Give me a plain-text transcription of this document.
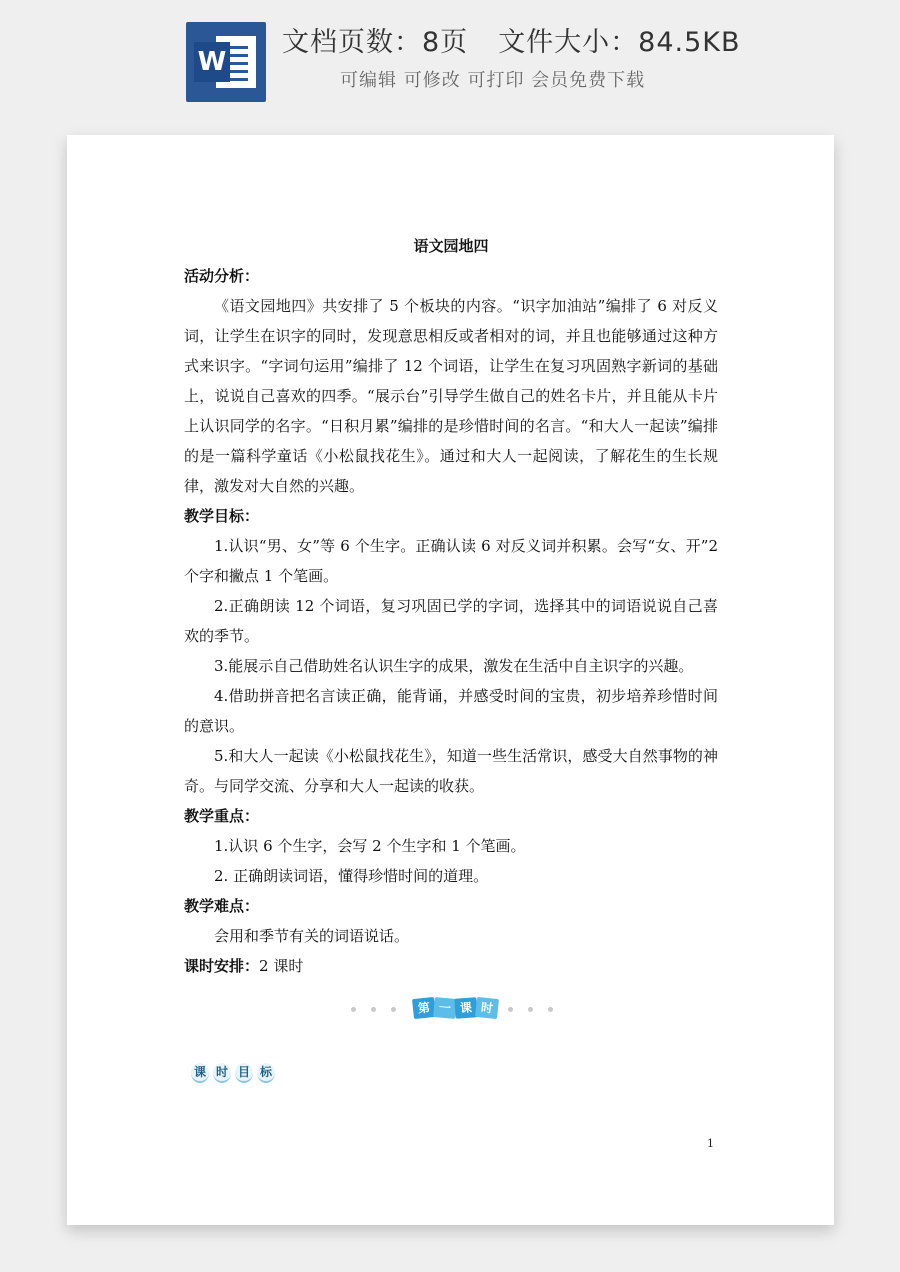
W
文档页数：8页 文件大小：84.5KB
可编辑 可修改 可打印 会员免费下载
语文园地四
活动分析：
《语文园地四》共安排了 5 个板块的内容。“识字加油站”编排了 6 对反义词，让学生在识字的同时，发现意思相反或者相对的词，并且也能够通过这种方式来识字。“字词句运用”编排了 12 个词语，让学生在复习巩固熟字新词的基础上，说说自己喜欢的四季。“展示台”引导学生做自己的姓名卡片，并且能从卡片上认识同学的名字。“日积月累”编排的是珍惜时间的名言。“和大人一起读”编排的是一篇科学童话《小松鼠找花生》。通过和大人一起阅读，了解花生的生长规律，激发对大自然的兴趣。
教学目标：
1.认识“男、女”等 6 个生字。正确认读 6 对反义词并积累。会写“女、开”2 个字和撇点 1 个笔画。
2.正确朗读 12 个词语，复习巩固已学的字词，选择其中的词语说说自己喜欢的季节。
3.能展示自己借助姓名认识生字的成果，激发在生活中自主识字的兴趣。
4.借助拼音把名言读正确，能背诵，并感受时间的宝贵，初步培养珍惜时间的意识。
5.和大人一起读《小松鼠找花生》，知道一些生活常识，感受大自然事物的神奇。与同学交流、分享和大人一起读的收获。
教学重点：
1.认识 6 个生字，会写 2 个生字和 1 个笔画。
2. 正确朗读词语，懂得珍惜时间的道理。
教学难点：
会用和季节有关的词语说话。
课时安排：2 课时
第 一 课 时
课 时 目 标
1
